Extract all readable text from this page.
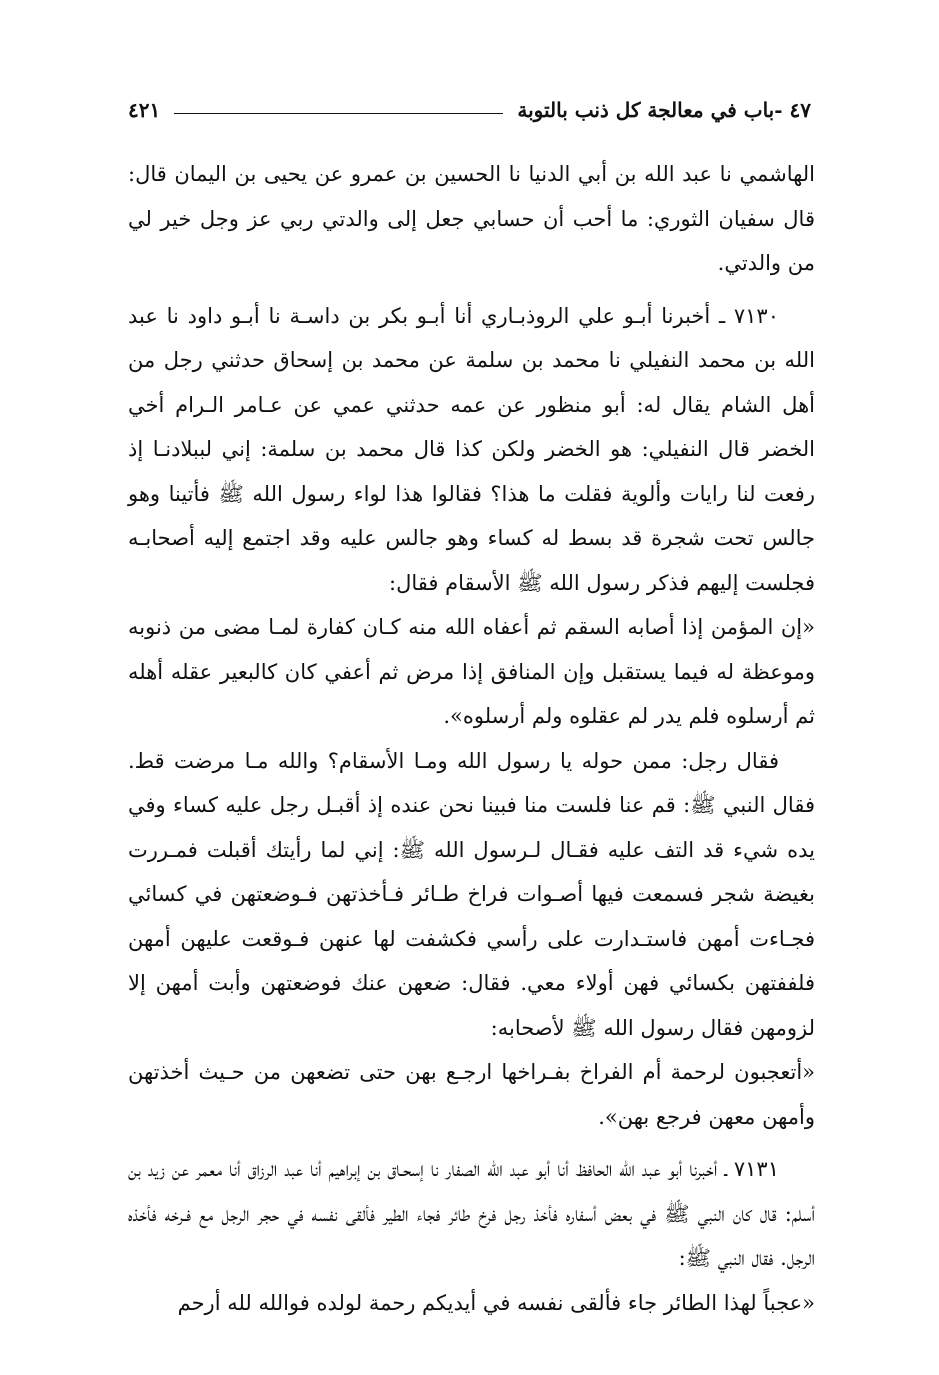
٤٧ -باب في معالجة كل ذنب بالتوبة
٤٢١

الهاشمي نا عبد الله بن أبي الدنيا نا الحسين بن عمرو عن يحيى بن اليمان قال: قال سفيان الثوري: ما أحب أن حسابي جعل إلى والدتي ربي عز وجل خير لي من والدتي.

٧١٣٠ ـ أخبرنا أبـو علي الروذبـاري أنا أبـو بكر بن داسـة نا أبـو داود نا عبد الله بن محمد النفيلي نا محمد بن سلمة عن محمد بن إسحاق حدثني رجل من أهل الشام يقال له: أبو منظور عن عمه حدثني عمي عن عـامر الـرام أخي الخضر قال النفيلي: هو الخضر ولكن كذا قال محمد بن سلمة: إني لببلادنـا إذ رفعت لنا رايات وألوية فقلت ما هذا؟ فقالوا هذا لواء رسول الله ﷺ فأتينا وهو جالس تحت شجرة قد بسط له كساء وهو جالس عليه وقد اجتمع إليه أصحابـه فجلست إليهم فذكر رسول الله ﷺ الأسقام فقال:

«إن المؤمن إذا أصابه السقم ثم أعفاه الله منه كـان كفارة لمـا مضى من ذنوبه وموعظة له فيما يستقبل وإن المنافق إذا مرض ثم أعفي كان كالبعير عقله أهله ثم أرسلوه فلم يدر لم عقلوه ولم أرسلوه».

فقال رجل: ممن حوله يا رسول الله ومـا الأسقام؟ والله مـا مرضت قط. فقال النبي ﷺ: قم عنا فلست منا فبينا نحن عنده إذ أقبـل رجل عليه كساء وفي يده شيء قد التف عليه فقـال لـرسول الله ﷺ: إني لما رأيتك أقبلت فمـررت بغيضة شجر فسمعت فيها أصـوات فراخ طـائر فـأخذتهن فـوضعتهن في كسائي فجـاءت أمهن فاستـدارت على رأسي فكشفت لها عنهن فـوقعت عليهن أمهن فلففتهن بكسائي فهن أولاء معي. فقال: ضعهن عنك فوضعتهن وأبت أمهن إلا لزومهن فقال رسول الله ﷺ لأصحابه:

«أتعجبون لرحمة أم الفراخ بفـراخها ارجـع بهن حتى تضعهن من حـيث أخذتهن وأمهن معهن فرجع بهن».

٧١٣١ ـ أخبرنا أبو عبد الله الحافظ أنا أبو عبد الله الصفار نا إسحـاق بن إبراهيم أنا عبد الرزاق أنا معمر عن زيد بن أسلم: قال كان النبي ﷺ في بعض أسفاره فأخذ رجل فرخ طائر فجاء الطير فألقى نفسه في حجر الرجل مع فـرخه فأخذه الرجل. فقال النبي ﷺ:

«عجباً لهذا الطائر جاء فألقى نفسه في أيديكم رحمة لولده فوالله لله أرحم
